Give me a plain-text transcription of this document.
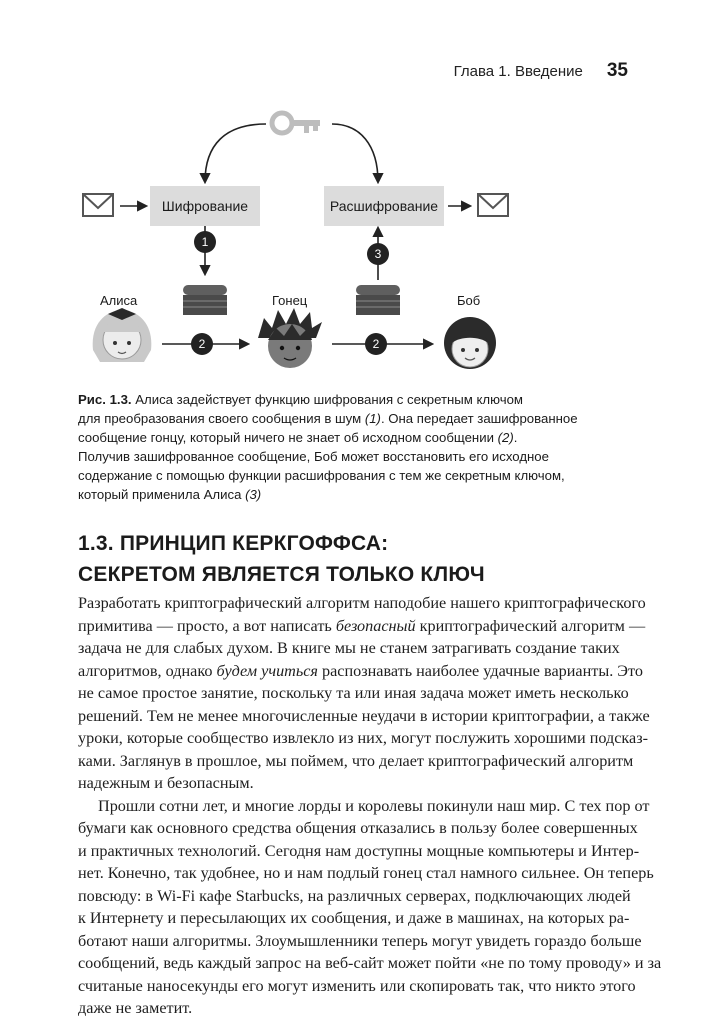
Глава 1. Введение 35
Шифрование	Расшифрование
1
3
2	2
Алиса	Гонец	Боб

Рис. 1.3. Алиса задействует функцию шифрования с секретным ключом

для преобразования своего сообщения в шум (1). Она передает зашифрованное

сообщение гонцу, который ничего не знает об исходном сообщении (2).

Получив зашифрованное сообщение, Боб может восстановить его исходное

содержание с помощью функции расшифрования с тем же секретным ключом,

который применила Алиса (3)

1.3. ПРИНЦИП КЕРКГОФФСА:
СЕКРЕТОМ ЯВЛЯЕТСЯ ТОЛЬКО КЛЮЧ
Разработать криптографический алгоритм наподобие нашего криптографического
примитива — просто, а вот написать безопасный криптографический алгоритм —
задача не для слабых духом. В книге мы не станем затрагивать создание таких
алгоритмов, однако будем учиться распознавать наиболее удачные варианты. Это
не самое простое занятие, поскольку та или иная задача может иметь несколько
решений. Тем не менее многочисленные неудачи в истории криптографии, а также
уроки, которые сообщество извлекло из них, могут послужить хорошими подсказ-
ками. Заглянув в прошлое, мы поймем, что делает криптографический алгоритм
надежным и безопасным.
Прошли сотни лет, и многие лорды и королевы покинули наш мир. С тех пор от
бумаги как основного средства общения отказались в пользу более совершенных
и практичных технологий. Сегодня нам доступны мощные компьютеры и Интер-
нет. Конечно, так удобнее, но и нам подлый гонец стал намного сильнее. Он теперь
повсюду: в Wi-Fi кафе Starbucks, на различных серверах, подключающих людей
к Интернету и пересылающих их сообщения, и даже в машинах, на которых ра-
ботают наши алгоритмы. Злоумышленники теперь могут увидеть гораздо больше
сообщений, ведь каждый запрос на веб-сайт может пойти «не по тому проводу» и за
считаные наносекунды его могут изменить или скопировать так, что никто этого
даже не заметит.
